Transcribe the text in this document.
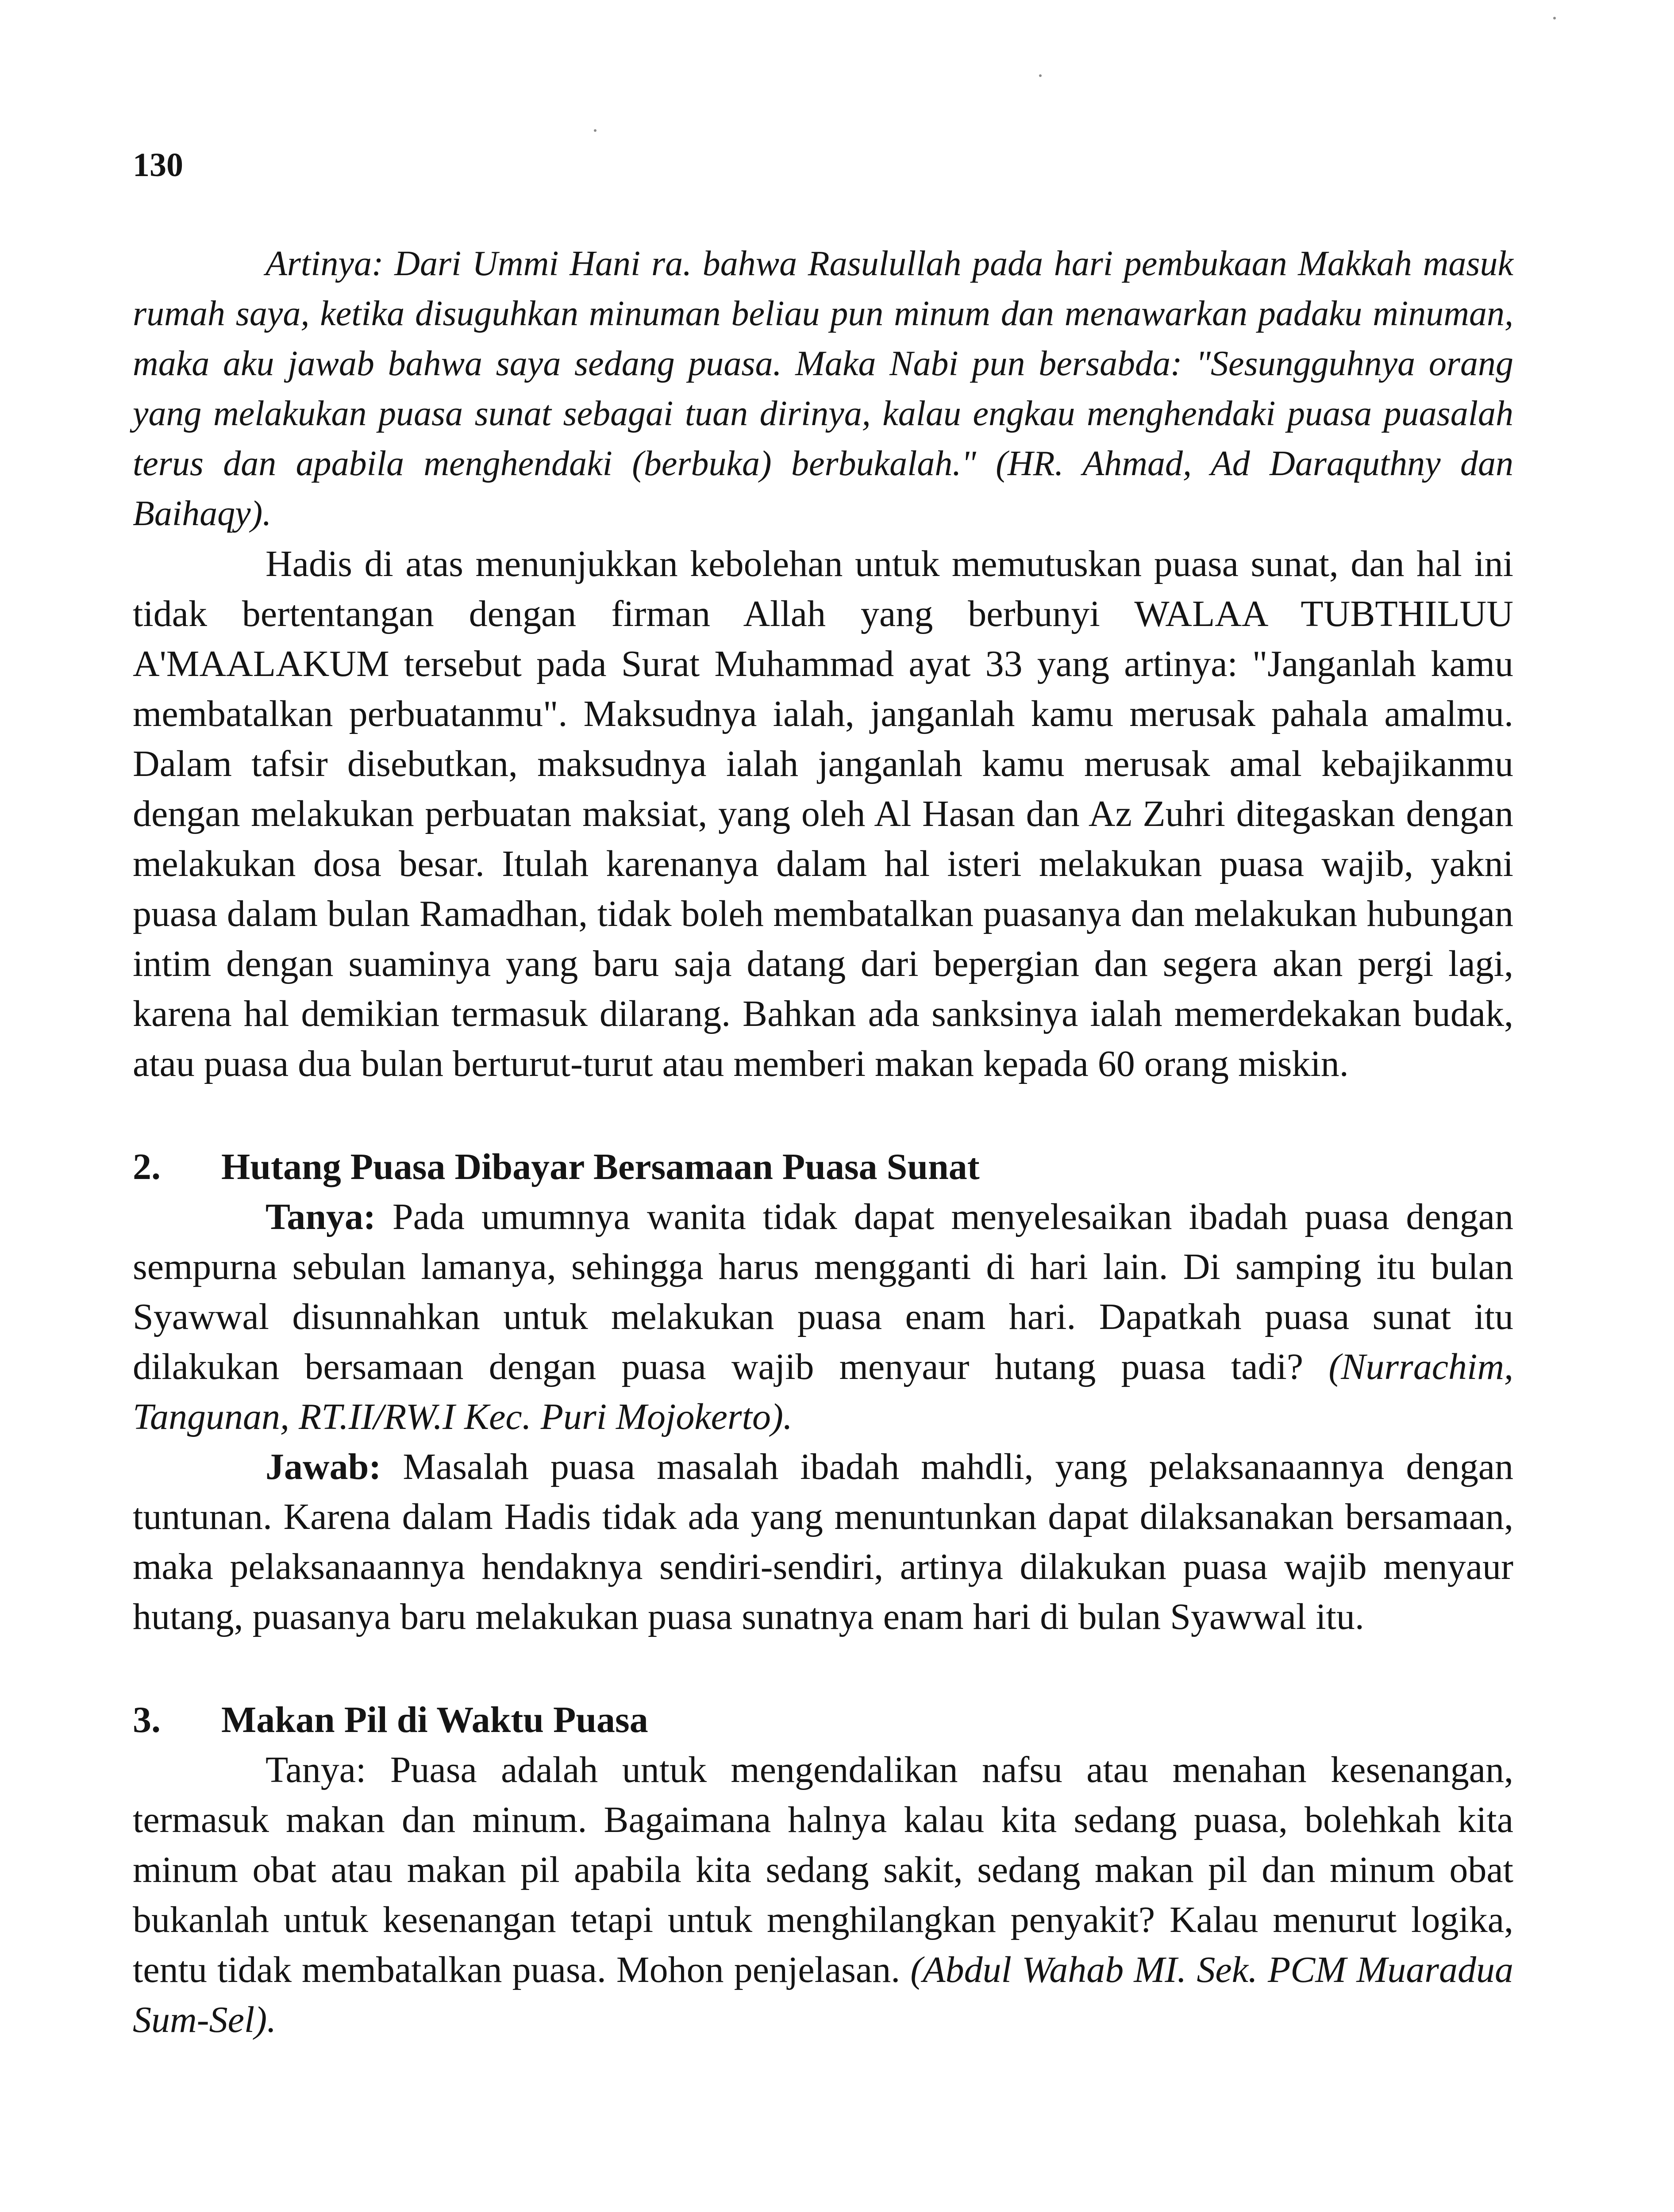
130

Artinya: Dari Ummi Hani ra. bahwa Rasulullah pada hari pembukaan Makkah masuk rumah saya, ketika disuguhkan minuman beliau pun minum dan menawarkan padaku minuman, maka aku jawab bahwa saya sedang puasa. Maka Nabi pun bersabda: "Sesungguhnya orang yang melakukan puasa sunat sebagai tuan dirinya, kalau engkau menghendaki puasa puasalah terus dan apabila menghendaki (berbuka) berbukalah." (HR. Ahmad, Ad Daraquthny dan Baihaqy).

Hadis di atas menunjukkan kebolehan untuk memutuskan puasa sunat, dan hal ini tidak bertentangan dengan firman Allah yang berbunyi WALAA TUBTHILUU A'MAALAKUM tersebut pada Surat Muhammad ayat 33 yang artinya: "Janganlah kamu membatalkan perbuatanmu". Maksudnya ialah, janganlah kamu merusak pahala amalmu. Dalam tafsir disebutkan, maksudnya ialah janganlah kamu merusak amal kebajikanmu dengan melakukan perbuatan maksiat, yang oleh Al Hasan dan Az Zuhri ditegaskan dengan melakukan dosa besar. Itulah karenanya dalam hal isteri melakukan puasa wajib, yakni puasa dalam bulan Ramadhan, tidak boleh membatalkan puasanya dan melakukan hubungan intim dengan suaminya yang baru saja datang dari bepergian dan segera akan pergi lagi, karena hal demikian termasuk dilarang. Bahkan ada sanksinya ialah memerdekakan budak, atau puasa dua bulan berturut-turut atau memberi makan kepada 60 orang miskin.

2.	Hutang Puasa Dibayar Bersamaan Puasa Sunat

Tanya: Pada umumnya wanita tidak dapat menyelesaikan ibadah puasa dengan sempurna sebulan lamanya, sehingga harus mengganti di hari lain. Di samping itu bulan Syawwal disunnahkan untuk melakukan puasa enam hari. Dapatkah puasa sunat itu dilakukan bersamaan dengan puasa wajib menyaur hutang puasa tadi? (Nurrachim, Tangunan, RT.II/RW.I Kec. Puri Mojokerto).

Jawab: Masalah puasa masalah ibadah mahdli, yang pelaksanaannya dengan tuntunan. Karena dalam Hadis tidak ada yang menuntunkan dapat dilaksanakan bersamaan, maka pelaksanaannya hendaknya sendiri-sendiri, artinya dilakukan puasa wajib menyaur hutang, puasanya baru melakukan puasa sunatnya enam hari di bulan Syawwal itu.

3.	Makan Pil di Waktu Puasa

Tanya: Puasa adalah untuk mengendalikan nafsu atau menahan kesenangan, termasuk makan dan minum. Bagaimana halnya kalau kita sedang puasa, bolehkah kita minum obat atau makan pil apabila kita sedang sakit, sedang makan pil dan minum obat bukanlah untuk kesenangan tetapi untuk menghilangkan penyakit? Kalau menurut logika, tentu tidak membatalkan puasa. Mohon penjelasan. (Abdul Wahab MI. Sek. PCM Muaradua Sum-Sel).
